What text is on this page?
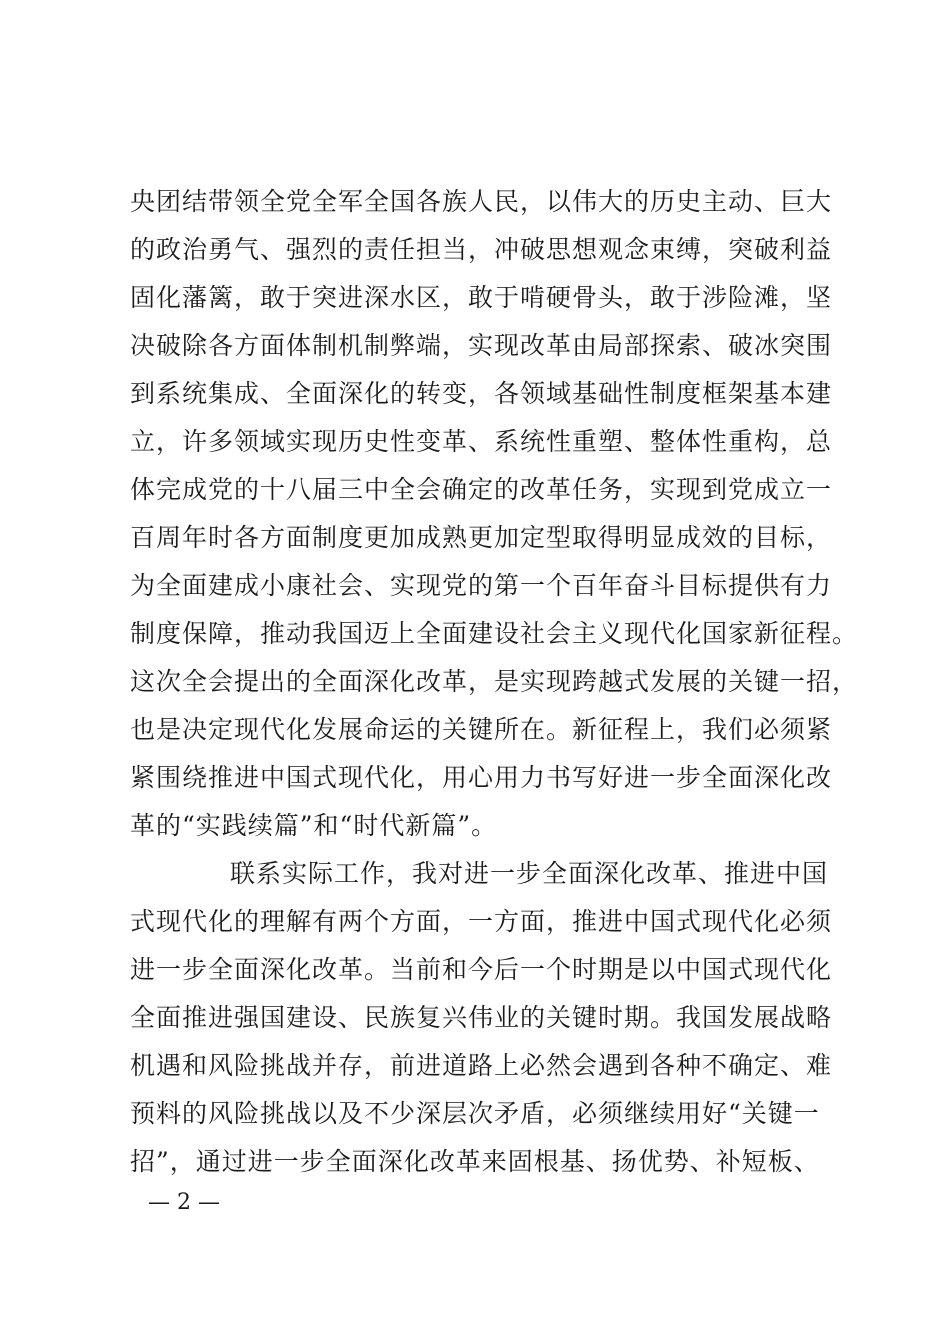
央团结带领全党全军全国各族人民，以伟大的历史主动、巨大
的政治勇气、强烈的责任担当，冲破思想观念束缚，突破利益
固化藩篱，敢于突进深水区，敢于啃硬骨头，敢于涉险滩，坚
决破除各方面体制机制弊端，实现改革由局部探索、破冰突围
到系统集成、全面深化的转变，各领域基础性制度框架基本建
立，许多领域实现历史性变革、系统性重塑、整体性重构，总
体完成党的十八届三中全会确定的改革任务，实现到党成立一
百周年时各方面制度更加成熟更加定型取得明显成效的目标，
为全面建成小康社会、实现党的第一个百年奋斗目标提供有力
制度保障，推动我国迈上全面建设社会主义现代化国家新征程。
这次全会提出的全面深化改革，是实现跨越式发展的关键一招，
也是决定现代化发展命运的关键所在。新征程上，我们必须紧
紧围绕推进中国式现代化，用心用力书写好进一步全面深化改
革的“实践续篇”和“时代新篇”。
联系实际工作，我对进一步全面深化改革、推进中国
式现代化的理解有两个方面，一方面，推进中国式现代化必须
进一步全面深化改革。当前和今后一个时期是以中国式现代化
全面推进强国建设、民族复兴伟业的关键时期。我国发展战略
机遇和风险挑战并存，前进道路上必然会遇到各种不确定、难
预料的风险挑战以及不少深层次矛盾，必须继续用好“关键一
招”，通过进一步全面深化改革来固根基、扬优势、补短板、
— 2 —
